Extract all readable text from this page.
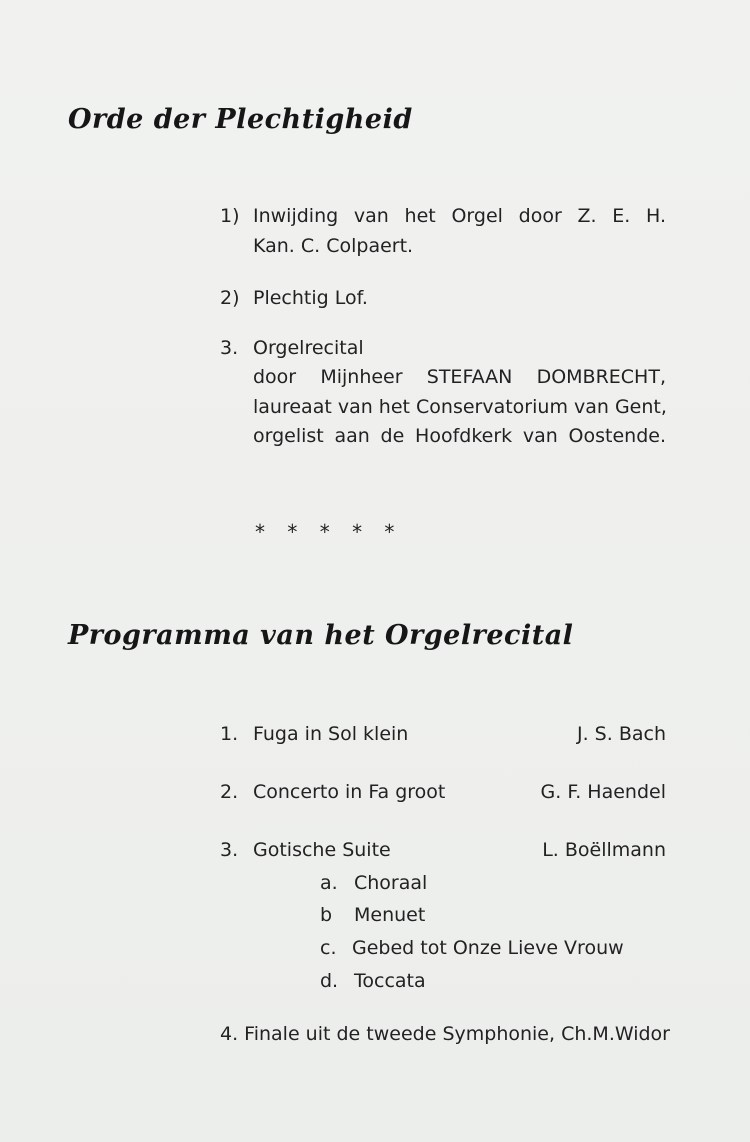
Orde der Plechtigheid
1) Inwijding van het Orgel door Z. E. H.
Kan. C. Colpaert.
2) Plechtig Lof.
3. Orgelrecital
door Mijnheer STEFAAN DOMBRECHT,
laureaat van het Conservatorium van Gent,
orgelist aan de Hoofdkerk van Oostende.
* * * * *
Programma van het Orgelrecital
1. Fuga in Sol klein	J. S. Bach
2. Concerto in Fa groot	G. F. Haendel
3. Gotische Suite	L. Boëllmann
a. Choraal
b Menuet
c. Gebed tot Onze Lieve Vrouw
d. Toccata
4. Finale uit de tweede Symphonie, Ch.M.Widor
